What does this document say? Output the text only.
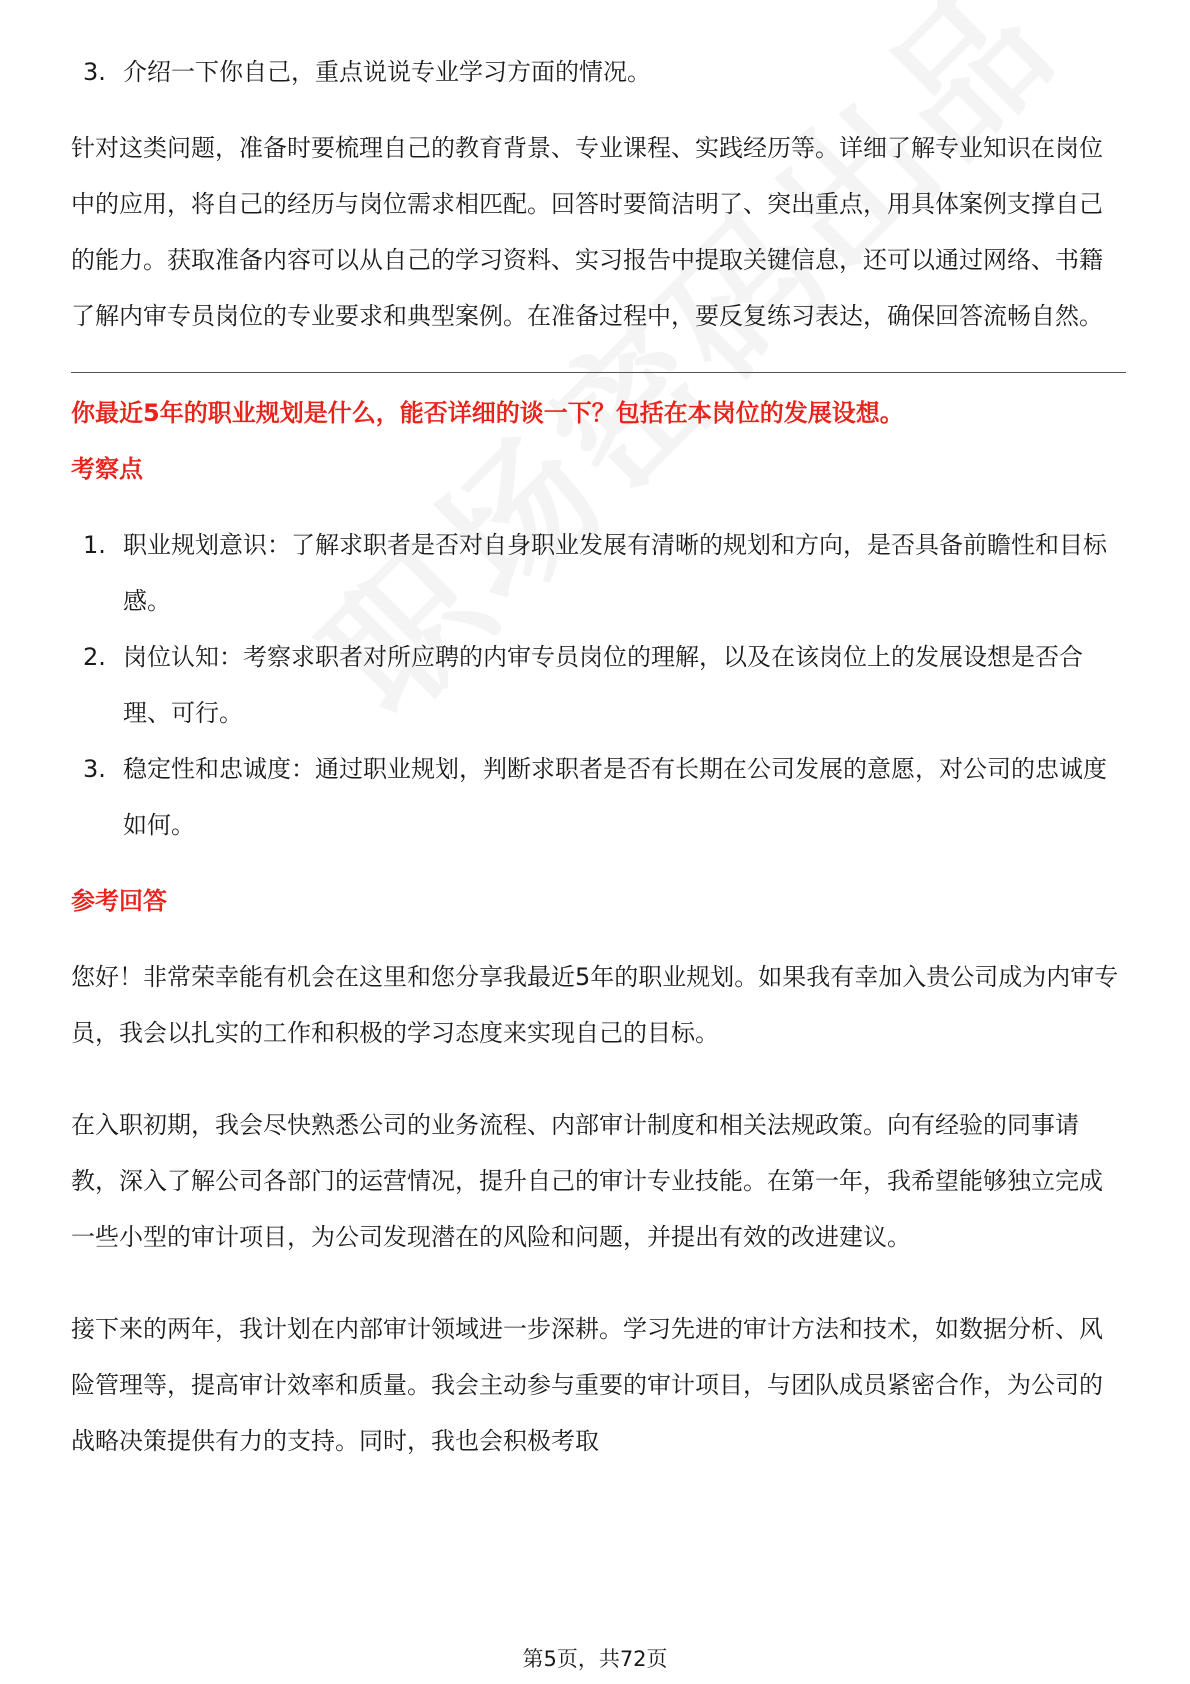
3. 介绍一下你自己，重点说说专业学习方面的情况。

针对这类问题，准备时要梳理自己的教育背景、专业课程、实践经历等。详细了解专业知识在岗位中的应用，将自己的经历与岗位需求相匹配。回答时要简洁明了、突出重点，用具体案例支撑自己的能力。获取准备内容可以从自己的学习资料、实习报告中提取关键信息，还可以通过网络、书籍了解内审专员岗位的专业要求和典型案例。在准备过程中，要反复练习表达，确保回答流畅自然。

你最近5年的职业规划是什么，能否详细的谈一下？包括在本岗位的发展设想。

考察点

1. 职业规划意识：了解求职者是否对自身职业发展有清晰的规划和方向，是否具备前瞻性和目标感。
2. 岗位认知：考察求职者对所应聘的内审专员岗位的理解，以及在该岗位上的发展设想是否合理、可行。
3. 稳定性和忠诚度：通过职业规划，判断求职者是否有长期在公司发展的意愿，对公司的忠诚度如何。

参考回答

您好！非常荣幸能有机会在这里和您分享我最近5年的职业规划。如果我有幸加入贵公司成为内审专员，我会以扎实的工作和积极的学习态度来实现自己的目标。

在入职初期，我会尽快熟悉公司的业务流程、内部审计制度和相关法规政策。向有经验的同事请教，深入了解公司各部门的运营情况，提升自己的审计专业技能。在第一年，我希望能够独立完成一些小型的审计项目，为公司发现潜在的风险和问题，并提出有效的改进建议。

接下来的两年，我计划在内部审计领域进一步深耕。学习先进的审计方法和技术，如数据分析、风险管理等，提高审计效率和质量。我会主动参与重要的审计项目，与团队成员紧密合作，为公司的战略决策提供有力的支持。同时，我也会积极考取

第5页，共72页
